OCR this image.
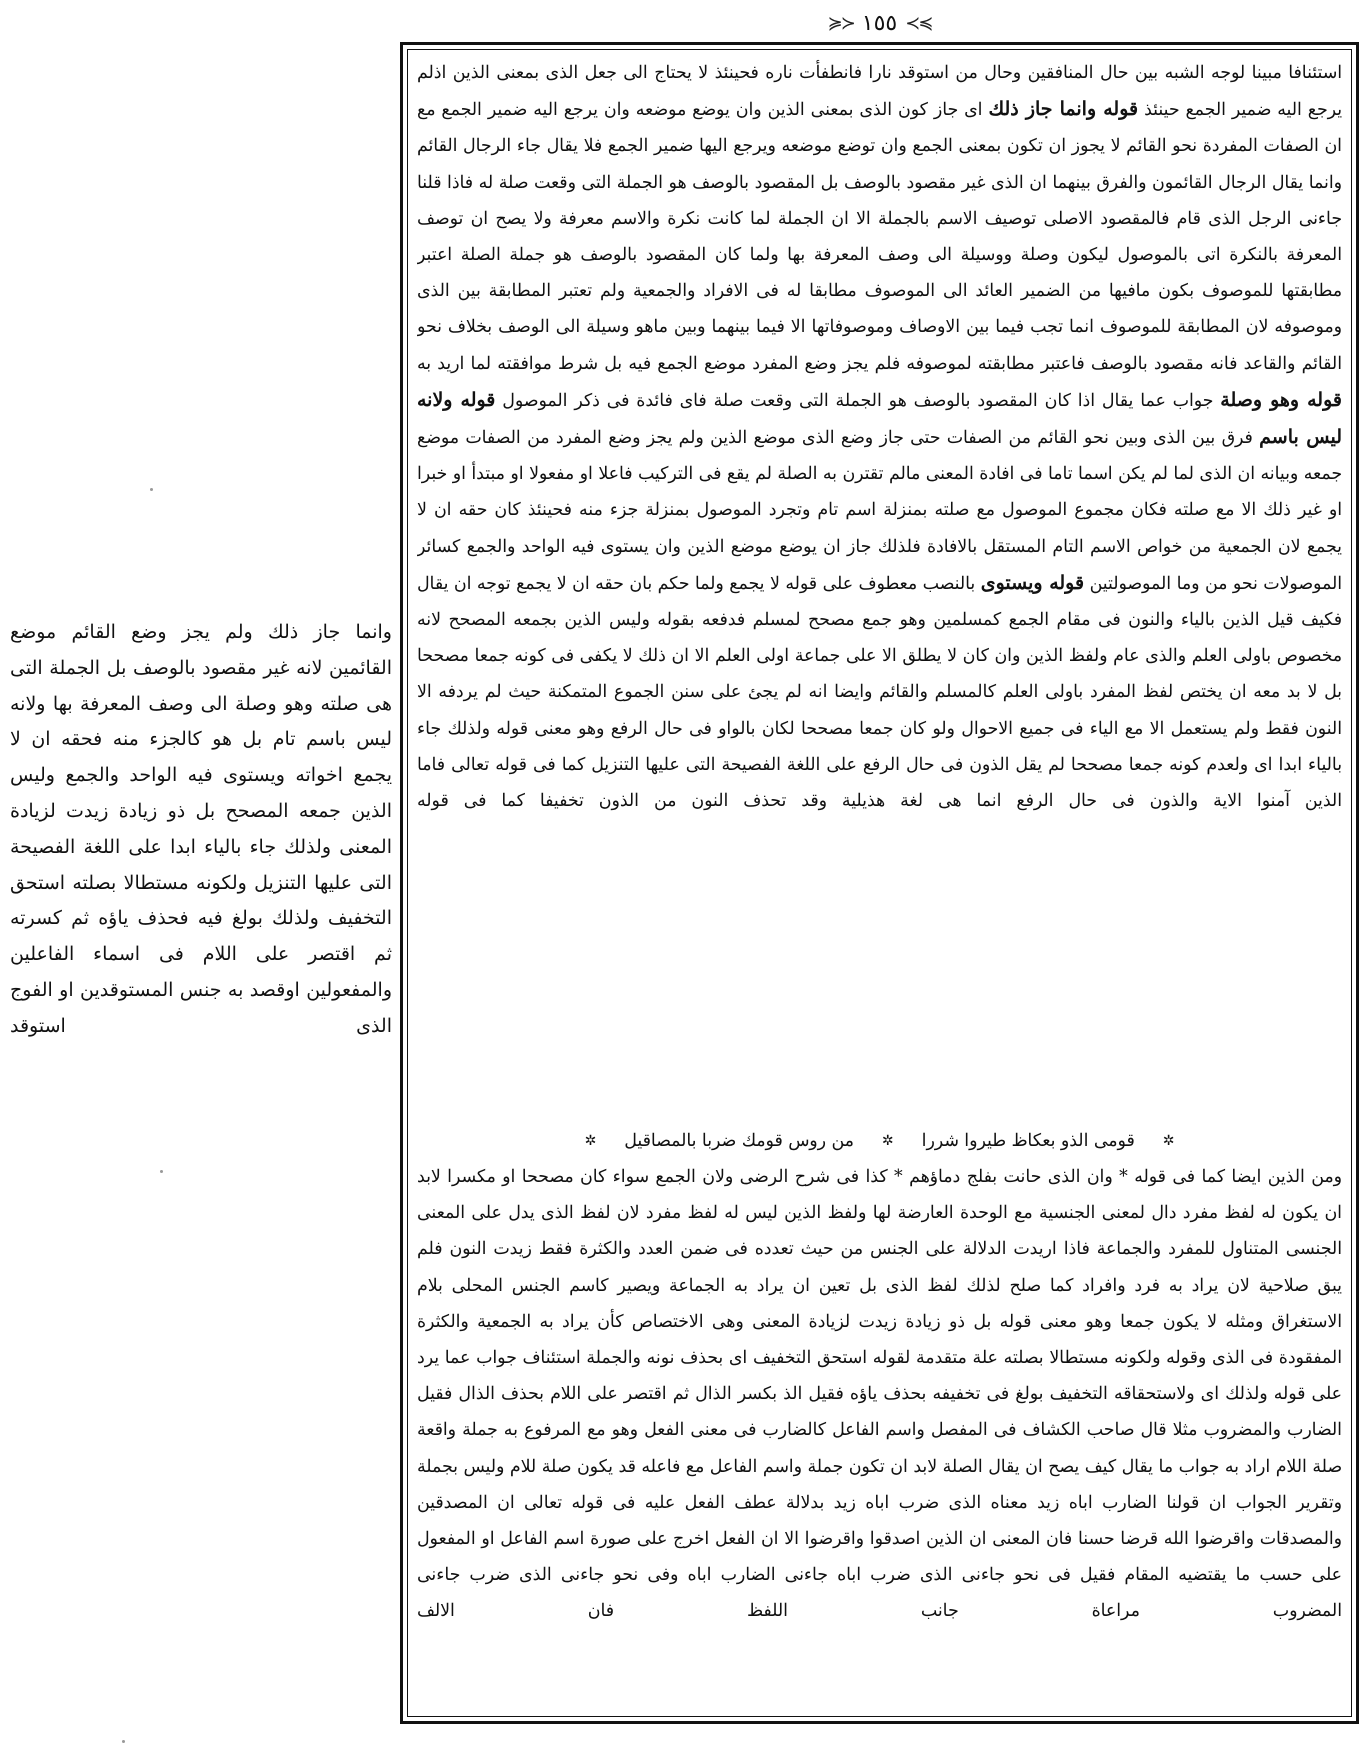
≽≻
١٥٥
≺≼

استئنافا مبينا لوجه الشبه بين حال المنافقين وحال من استوقد نارا فانطفأت ناره فحينئذ لا يحتاج الى جعل الذى بمعنى الذين اذلم يرجع اليه ضمير الجمع حينئذ قوله وانما جاز ذلك اى جاز كون الذى بمعنى الذين وان يوضع موضعه وان يرجع اليه ضمير الجمع مع ان الصفات المفردة نحو القائم لا يجوز ان تكون بمعنى الجمع وان توضع موضعه ويرجع اليها ضمير الجمع فلا يقال جاء الرجال القائم وانما يقال الرجال القائمون والفرق بينهما ان الذى غير مقصود بالوصف بل المقصود بالوصف هو الجملة التى وقعت صلة له فاذا قلنا جاءنى الرجل الذى قام فالمقصود الاصلى توصيف الاسم بالجملة الا ان الجملة لما كانت نكرة والاسم معرفة ولا يصح ان توصف المعرفة بالنكرة اتى بالموصول ليكون وصلة ووسيلة الى وصف المعرفة بها ولما كان المقصود بالوصف هو جملة الصلة اعتبر مطابقتها للموصوف بكون مافيها من الضمير العائد الى الموصوف مطابقا له فى الافراد والجمعية ولم تعتبر المطابقة بين الذى وموصوفه لان المطابقة للموصوف انما تجب فيما بين الاوصاف وموصوفاتها الا فيما بينهما وبين ماهو وسيلة الى الوصف بخلاف نحو القائم والقاعد فانه مقصود بالوصف فاعتبر مطابقته لموصوفه فلم يجز وضع المفرد موضع الجمع فيه بل شرط موافقته لما اريد به قوله وهو وصلة جواب عما يقال اذا كان المقصود بالوصف هو الجملة التى وقعت صلة فاى فائدة فى ذكر الموصول قوله ولانه ليس باسم فرق بين الذى وبين نحو القائم من الصفات حتى جاز وضع الذى موضع الذين ولم يجز وضع المفرد من الصفات موضع جمعه وبيانه ان الذى لما لم يكن اسما تاما فى افادة المعنى مالم تقترن به الصلة لم يقع فى التركيب فاعلا او مفعولا او مبتدأ او خبرا او غير ذلك الا مع صلته فكان مجموع الموصول مع صلته بمنزلة اسم تام وتجرد الموصول بمنزلة جزء منه فحينئذ كان حقه ان لا يجمع لان الجمعية من خواص الاسم التام المستقل بالافادة فلذلك جاز ان يوضع موضع الذين وان يستوى فيه الواحد والجمع كسائر الموصولات نحو من وما الموصولتين قوله ويستوى بالنصب معطوف على قوله لا يجمع ولما حكم بان حقه ان لا يجمع توجه ان يقال فكيف قيل الذين بالياء والنون فى مقام الجمع كمسلمين وهو جمع مصحح لمسلم فدفعه بقوله وليس الذين بجمعه المصحح لانه مخصوص باولى العلم والذى عام ولفظ الذين وان كان لا يطلق الا على جماعة اولى العلم الا ان ذلك لا يكفى فى كونه جمعا مصححا بل لا بد معه ان يختص لفظ المفرد باولى العلم كالمسلم والقائم وايضا انه لم يجئ على سنن الجموع المتمكنة حيث لم يردفه الا النون فقط ولم يستعمل الا مع الياء فى جميع الاحوال ولو كان جمعا مصححا لكان بالواو فى حال الرفع وهو معنى قوله ولذلك جاء بالياء ابدا اى ولعدم كونه جمعا مصححا لم يقل الذون فى حال الرفع على اللغة الفصيحة التى عليها التنزيل كما فى قوله تعالى فاما الذين آمنوا الاية والذون فى حال الرفع انما هى لغة هذيلية وقد تحذف النون من الذون تخفيفا كما فى قوله

✲
قومى الذو بعكاظ طيروا شررا
✲
من روس قومك ضربا بالمصاقيل
✲

ومن الذين ايضا كما فى قوله * وان الذى حانت بفلج دماؤهم * كذا فى شرح الرضى ولان الجمع سواء كان مصححا او مكسرا لابد ان يكون له لفظ مفرد دال لمعنى الجنسية مع الوحدة العارضة لها ولفظ الذين ليس له لفظ مفرد لان لفظ الذى يدل على المعنى الجنسى المتناول للمفرد والجماعة فاذا اريدت الدلالة على الجنس من حيث تعدده فى ضمن العدد والكثرة فقط زيدت النون فلم يبق صلاحية لان يراد به فرد وافراد كما صلح لذلك لفظ الذى بل تعين ان يراد به الجماعة ويصير كاسم الجنس المحلى بلام الاستغراق ومثله لا يكون جمعا وهو معنى قوله بل ذو زيادة زيدت لزيادة المعنى وهى الاختصاص كأن يراد به الجمعية والكثرة المفقودة فى الذى وقوله ولكونه مستطالا بصلته علة متقدمة لقوله استحق التخفيف اى بحذف نونه والجملة استئناف جواب عما يرد على قوله ولذلك اى ولاستحقاقه التخفيف بولغ فى تخفيفه بحذف ياؤه فقيل الذ بكسر الذال ثم اقتصر على اللام بحذف الذال فقيل الضارب والمضروب مثلا قال صاحب الكشاف فى المفصل واسم الفاعل كالضارب فى معنى الفعل وهو مع المرفوع به جملة واقعة صلة اللام اراد به جواب ما يقال كيف يصح ان يقال الصلة لابد ان تكون جملة واسم الفاعل مع فاعله قد يكون صلة للام وليس بجملة وتقرير الجواب ان قولنا الضارب اباه زيد معناه الذى ضرب اباه زيد بدلالة عطف الفعل عليه فى قوله تعالى ان المصدقين والمصدقات واقرضوا الله قرضا حسنا فان المعنى ان الذين اصدقوا واقرضوا الا ان الفعل اخرج على صورة اسم الفاعل او المفعول على حسب ما يقتضيه المقام فقيل فى نحو جاءنى الذى ضرب اباه جاءنى الضارب اباه وفى نحو جاءنى الذى ضرب جاءنى المضروب مراعاة جانب اللفظ فان الالف

وانما جاز ذلك ولم يجز وضع القائم موضع القائمين لانه غير مقصود بالوصف بل الجملة التى هى صلته وهو وصلة الى وصف المعرفة بها ولانه ليس باسم تام بل هو كالجزء منه فحقه ان لا يجمع اخواته ويستوى فيه الواحد والجمع وليس الذين جمعه المصحح بل ذو زيادة زيدت لزيادة المعنى ولذلك جاء بالياء ابدا على اللغة الفصيحة التى عليها التنزيل ولكونه مستطالا بصلته استحق التخفيف ولذلك بولغ فيه فحذف ياؤه ثم كسرته ثم اقتصر على اللام فى اسماء الفاعلين والمفعولين اوقصد به جنس المستوقدين او الفوج الذى استوقد
